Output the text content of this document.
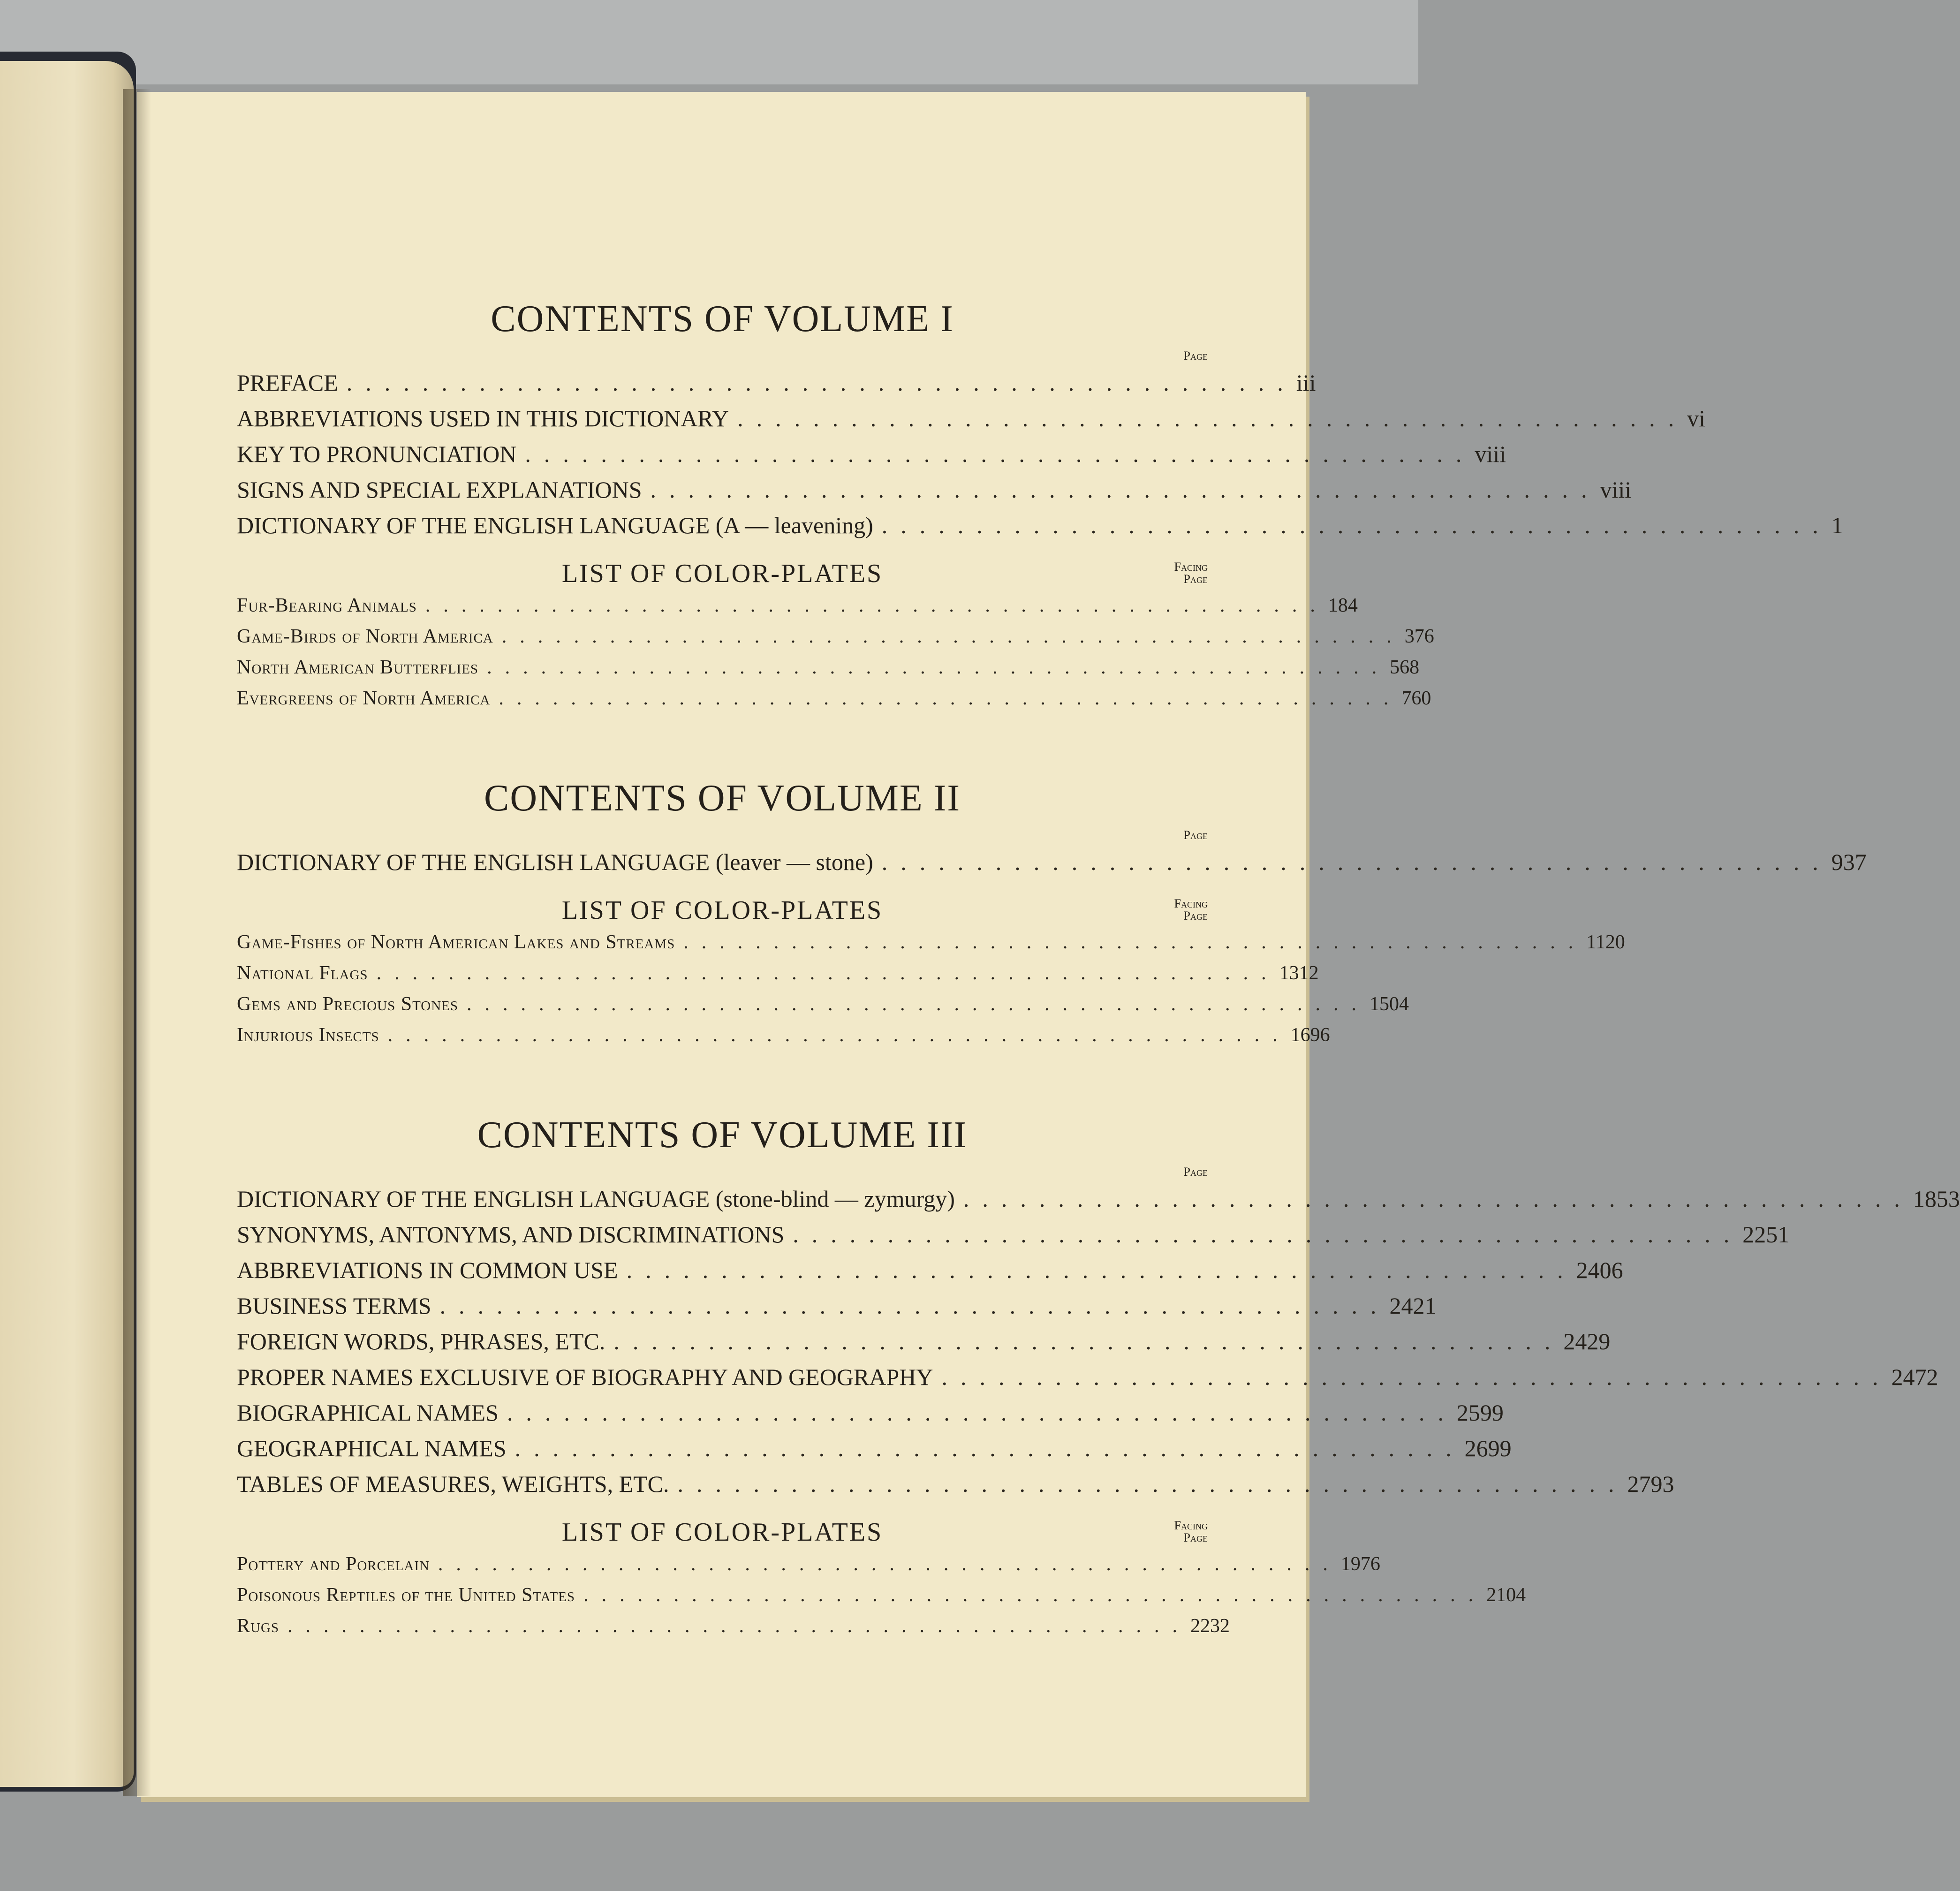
CONTENTS OF VOLUME I
Page
PREFACE .................................................. iii
ABBREVIATIONS USED IN THIS DICTIONARY .................................................. vi
KEY TO PRONUNCIATION .................................................. viii
SIGNS AND SPECIAL EXPLANATIONS .................................................. viii
DICTIONARY OF THE ENGLISH LANGUAGE (A — leavening) .................................................. 1
LIST OF COLOR-PLATES	Facing
Page
Fur-Bearing Animals .................................................. 184
Game-Birds of North America .................................................. 376
North American Butterflies .................................................. 568
Evergreens of North America .................................................. 760
CONTENTS OF VOLUME II
Page
DICTIONARY OF THE ENGLISH LANGUAGE (leaver — stone) .................................................. 937
LIST OF COLOR-PLATES	Facing
Page
Game-Fishes of North American Lakes and Streams .................................................. 1120
National Flags .................................................. 1312
Gems and Precious Stones .................................................. 1504
Injurious Insects .................................................. 1696
CONTENTS OF VOLUME III
Page
DICTIONARY OF THE ENGLISH LANGUAGE (stone-blind — zymurgy) .................................................. 1853
SYNONYMS, ANTONYMS, AND DISCRIMINATIONS .................................................. 2251
ABBREVIATIONS IN COMMON USE .................................................. 2406
BUSINESS TERMS .................................................. 2421
FOREIGN WORDS, PHRASES, ETC. .................................................. 2429
PROPER NAMES EXCLUSIVE OF BIOGRAPHY AND GEOGRAPHY .................................................. 2472
BIOGRAPHICAL NAMES .................................................. 2599
GEOGRAPHICAL NAMES .................................................. 2699
TABLES OF MEASURES, WEIGHTS, ETC. .................................................. 2793
LIST OF COLOR-PLATES	Facing
Page
Pottery and Porcelain .................................................. 1976
Poisonous Reptiles of the United States .................................................. 2104
Rugs .................................................. 2232
